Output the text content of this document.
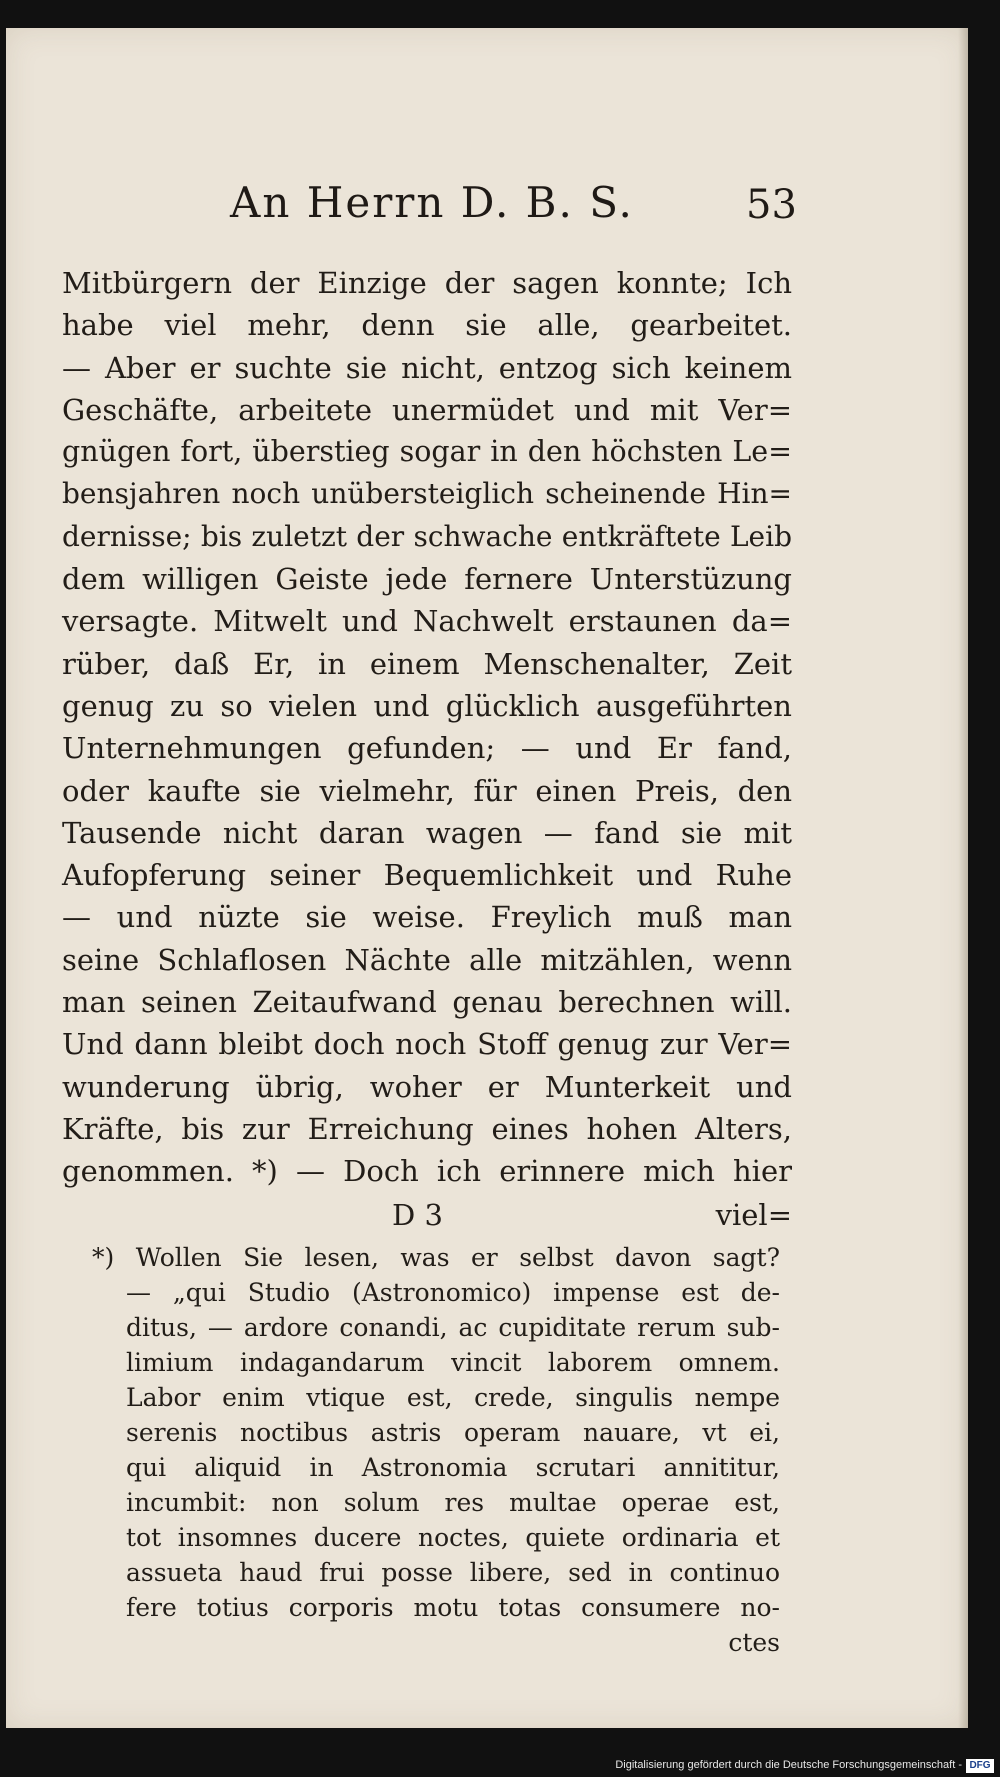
An Herrn D. B. S.	53
Mitbürgern der Einzige der sagen konnte; Ich
habe viel mehr, denn sie alle, gearbeitet.
— Aber er suchte sie nicht, entzog sich keinem
Geschäfte, arbeitete unermüdet und mit Ver=
gnügen fort, überstieg sogar in den höchsten Le=
bensjahren noch unübersteiglich scheinende Hin=
dernisse; bis zuletzt der schwache entkräftete Leib
dem willigen Geiste jede fernere Unterstüzung
versagte. Mitwelt und Nachwelt erstaunen da=
rüber, daß Er, in einem Menschenalter, Zeit
genug zu so vielen und glücklich ausgeführten
Unternehmungen gefunden; — und Er fand,
oder kaufte sie vielmehr, für einen Preis, den
Tausende nicht daran wagen — fand sie mit
Aufopferung seiner Bequemlichkeit und Ruhe
— und nüzte sie weise. Freylich muß man
seine Schlaflosen Nächte alle mitzählen, wenn
man seinen Zeitaufwand genau berechnen will.
Und dann bleibt doch noch Stoff genug zur Ver=
wunderung übrig, woher er Munterkeit und
Kräfte, bis zur Erreichung eines hohen Alters,
genommen. *) — Doch ich erinnere mich hier
D 3	viel=
*) Wollen Sie lesen, was er selbst davon sagt?
— „qui Studio (Astronomico) impense est de-
ditus, — ardore conandi, ac cupiditate rerum sub-
limium indagandarum vincit laborem omnem.
Labor enim vtique est, crede, singulis nempe
serenis noctibus astris operam nauare, vt ei,
qui aliquid in Astronomia scrutari annititur,
incumbit: non solum res multae operae est,
tot insomnes ducere noctes, quiete ordinaria et
assueta haud frui posse libere, sed in continuo
fere totius corporis motu totas consumere no-
ctes
Digitalisierung gefördert durch die Deutsche Forschungsgemeinschaft - DFG
